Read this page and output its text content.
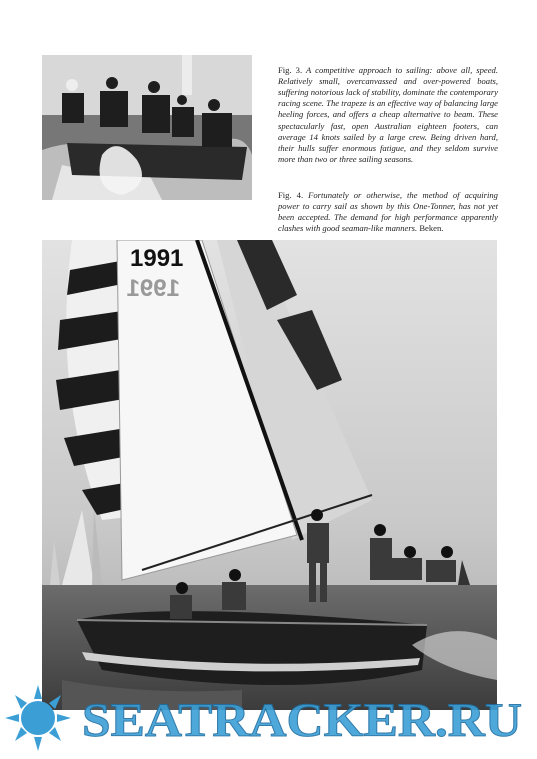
Fig. 3. A competitive approach to sailing: above all, speed. Relatively small, overcanvassed and over-powered boats, suffering notorious lack of stability, dominate the contemporary racing scene. The trapeze is an effective way of balancing large heeling forces, and offers a cheap alternative to beam. These spectacularly fast, open Australian eighteen footers, can average 14 knots sailed by a large crew. Being driven hard, their hulls suffer enormous fatigue, and they seldom survive more than two or three sailing seasons.

Fig. 4. Fortunately or otherwise, the method of acquiring power to carry sail as shown by this One-Tonner, has not yet been accepted. The demand for high performance apparently clashes with good seaman-like manners. Beken.

1991
1991
SEATRACKER.RU
